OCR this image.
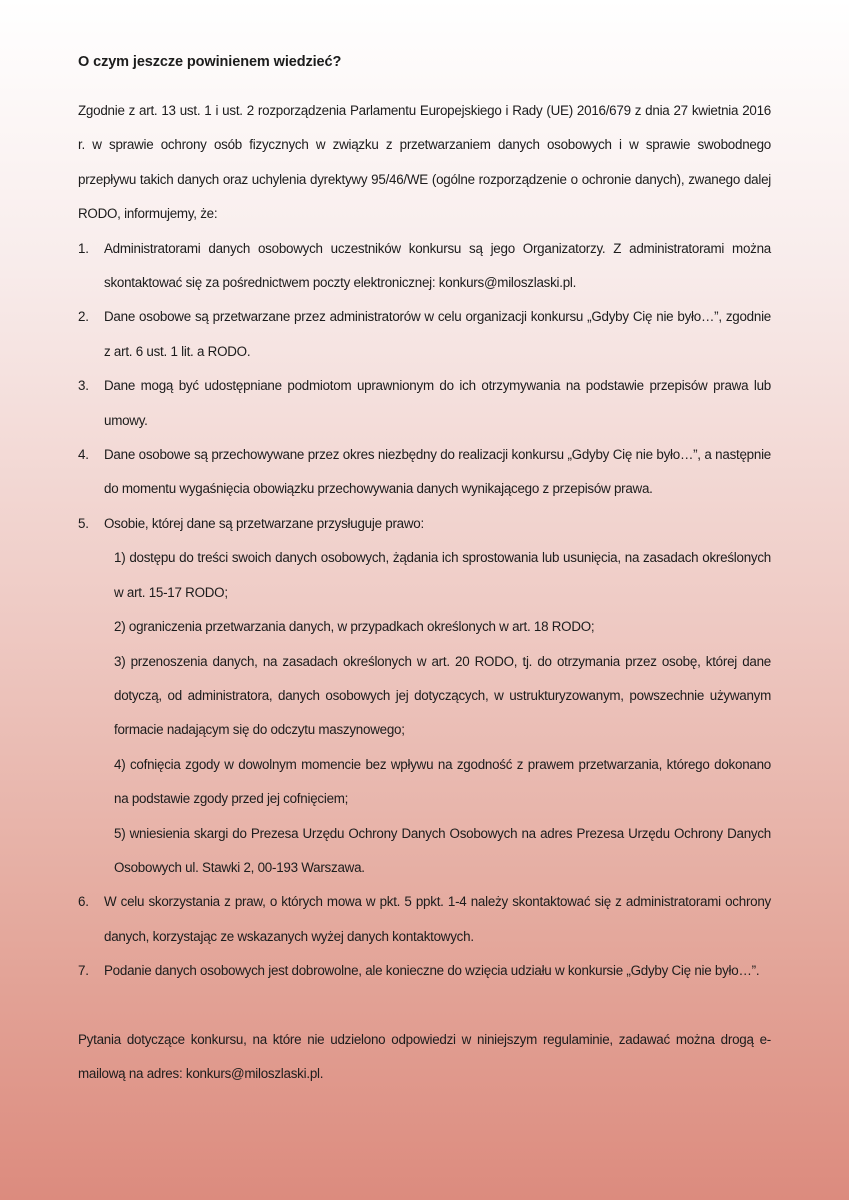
O czym jeszcze powinienem wiedzieć?

Zgodnie z art. 13 ust. 1 i ust. 2 rozporządzenia Parlamentu Europejskiego i Rady (UE) 2016/679 z dnia 27 kwietnia 2016 r. w sprawie ochrony osób fizycznych w związku z przetwarzaniem danych osobowych i w sprawie swobodnego przepływu takich danych oraz uchylenia dyrektywy 95/46/WE (ogólne rozporządzenie o ochronie danych), zwanego dalej RODO, informujemy, że:

1. Administratorami danych osobowych uczestników konkursu są jego Organizatorzy. Z administratorami można skontaktować się za pośrednictwem poczty elektronicznej: konkurs@miloszlaski.pl.
2. Dane osobowe są przetwarzane przez administratorów w celu organizacji konkursu „Gdyby Cię nie było…”, zgodnie z art. 6 ust. 1 lit. a RODO.
3. Dane mogą być udostępniane podmiotom uprawnionym do ich otrzymywania na podstawie przepisów prawa lub umowy.
4. Dane osobowe są przechowywane przez okres niezbędny do realizacji konkursu „Gdyby Cię nie było…”, a następnie do momentu wygaśnięcia obowiązku przechowywania danych wynikającego z przepisów prawa.
5. Osobie, której dane są przetwarzane przysługuje prawo:

1) dostępu do treści swoich danych osobowych, żądania ich sprostowania lub usunięcia, na zasadach określonych w art. 15-17 RODO;

2) ograniczenia przetwarzania danych, w przypadkach określonych w art. 18 RODO;

3) przenoszenia danych, na zasadach określonych w art. 20 RODO, tj. do otrzymania przez osobę, której dane dotyczą, od administratora, danych osobowych jej dotyczących, w ustrukturyzowanym, powszechnie używanym formacie nadającym się do odczytu maszynowego;

4) cofnięcia zgody w dowolnym momencie bez wpływu na zgodność z prawem przetwarzania, którego dokonano na podstawie zgody przed jej cofnięciem;

5) wniesienia skargi do Prezesa Urzędu Ochrony Danych Osobowych na adres Prezesa Urzędu Ochrony Danych Osobowych ul. Stawki 2, 00-193 Warszawa.

6. W celu skorzystania z praw, o których mowa w pkt. 5 ppkt. 1-4 należy skontaktować się z administratorami ochrony danych, korzystając ze wskazanych wyżej danych kontaktowych.
7. Podanie danych osobowych jest dobrowolne, ale konieczne do wzięcia udziału w konkursie „Gdyby Cię nie było…”.

Pytania dotyczące konkursu, na które nie udzielono odpowiedzi w niniejszym regulaminie, zadawać można drogą e-mailową na adres: konkurs@miloszlaski.pl.
